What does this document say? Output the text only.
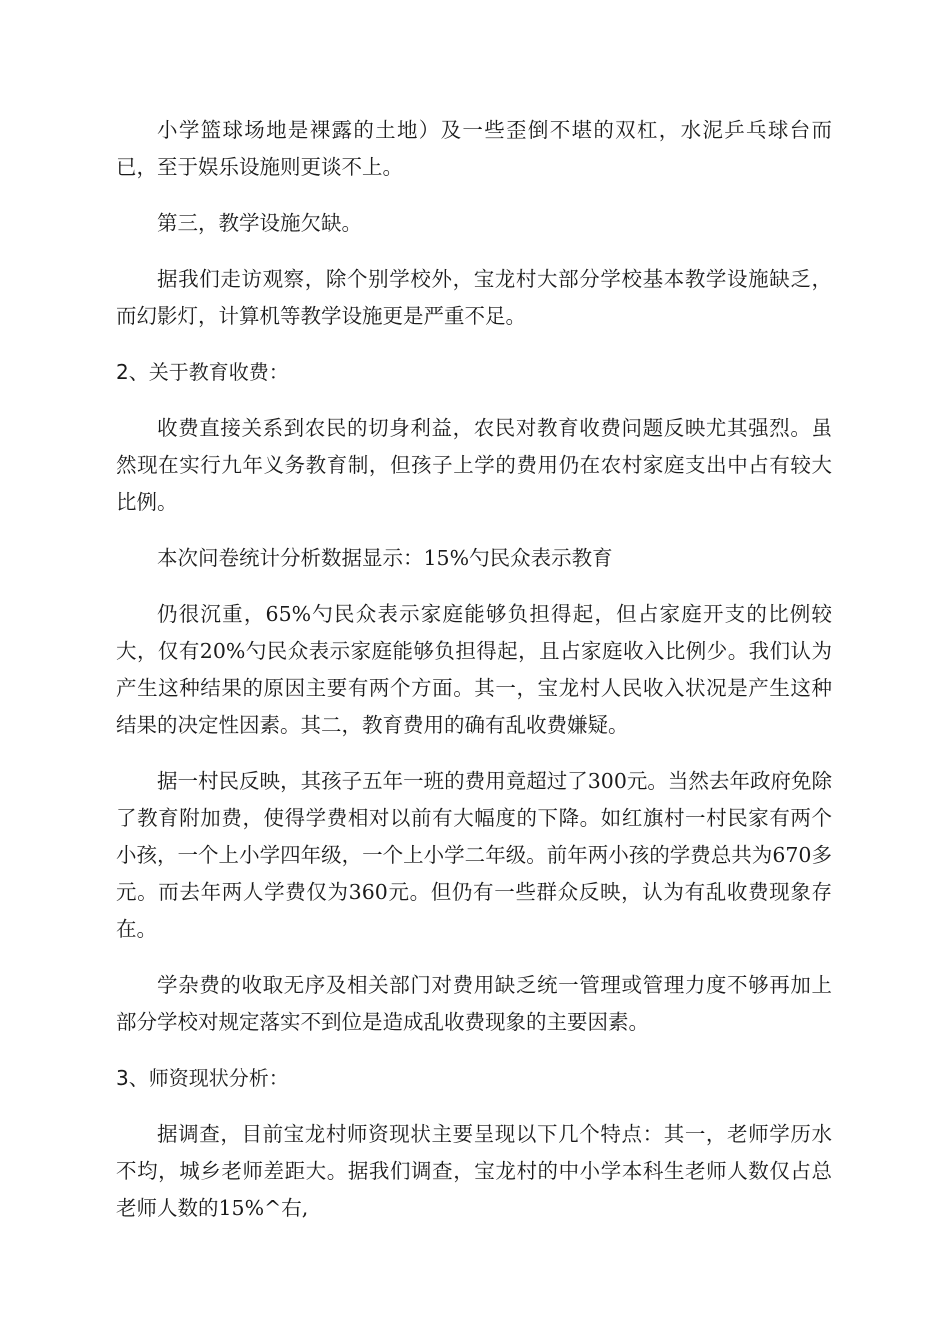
小学篮球场地是裸露的土地）及一些歪倒不堪的双杠，水泥乒乓球台而已，至于娱乐设施则更谈不上。

第三，教学设施欠缺。

据我们走访观察，除个别学校外，宝龙村大部分学校基本教学设施缺乏，而幻影灯，计算机等教学设施更是严重不足。

2、关于教育收费：

收费直接关系到农民的切身利益，农民对教育收费问题反映尤其强烈。虽然现在实行九年义务教育制，但孩子上学的费用仍在农村家庭支出中占有较大比例。

本次问卷统计分析数据显示：15%勺民众表示教育

仍很沉重，65%勺民众表示家庭能够负担得起，但占家庭开支的比例较大，仅有20%勺民众表示家庭能够负担得起，且占家庭收入比例少。我们认为产生这种结果的原因主要有两个方面。其一，宝龙村人民收入状况是产生这种结果的决定性因素。其二，教育费用的确有乱收费嫌疑。

据一村民反映，其孩子五年一班的费用竟超过了300元。当然去年政府免除了教育附加费，使得学费相对以前有大幅度的下降。如红旗村一村民家有两个小孩，一个上小学四年级，一个上小学二年级。前年两小孩的学费总共为670多元。而去年两人学费仅为360元。但仍有一些群众反映，认为有乱收费现象存在。

学杂费的收取无序及相关部门对费用缺乏统一管理或管理力度不够再加上部分学校对规定落实不到位是造成乱收费现象的主要因素。

3、师资现状分析：

据调查，目前宝龙村师资现状主要呈现以下几个特点：其一，老师学历水不均，城乡老师差距大。据我们调查，宝龙村的中小学本科生老师人数仅占总老师人数的15%^右,
